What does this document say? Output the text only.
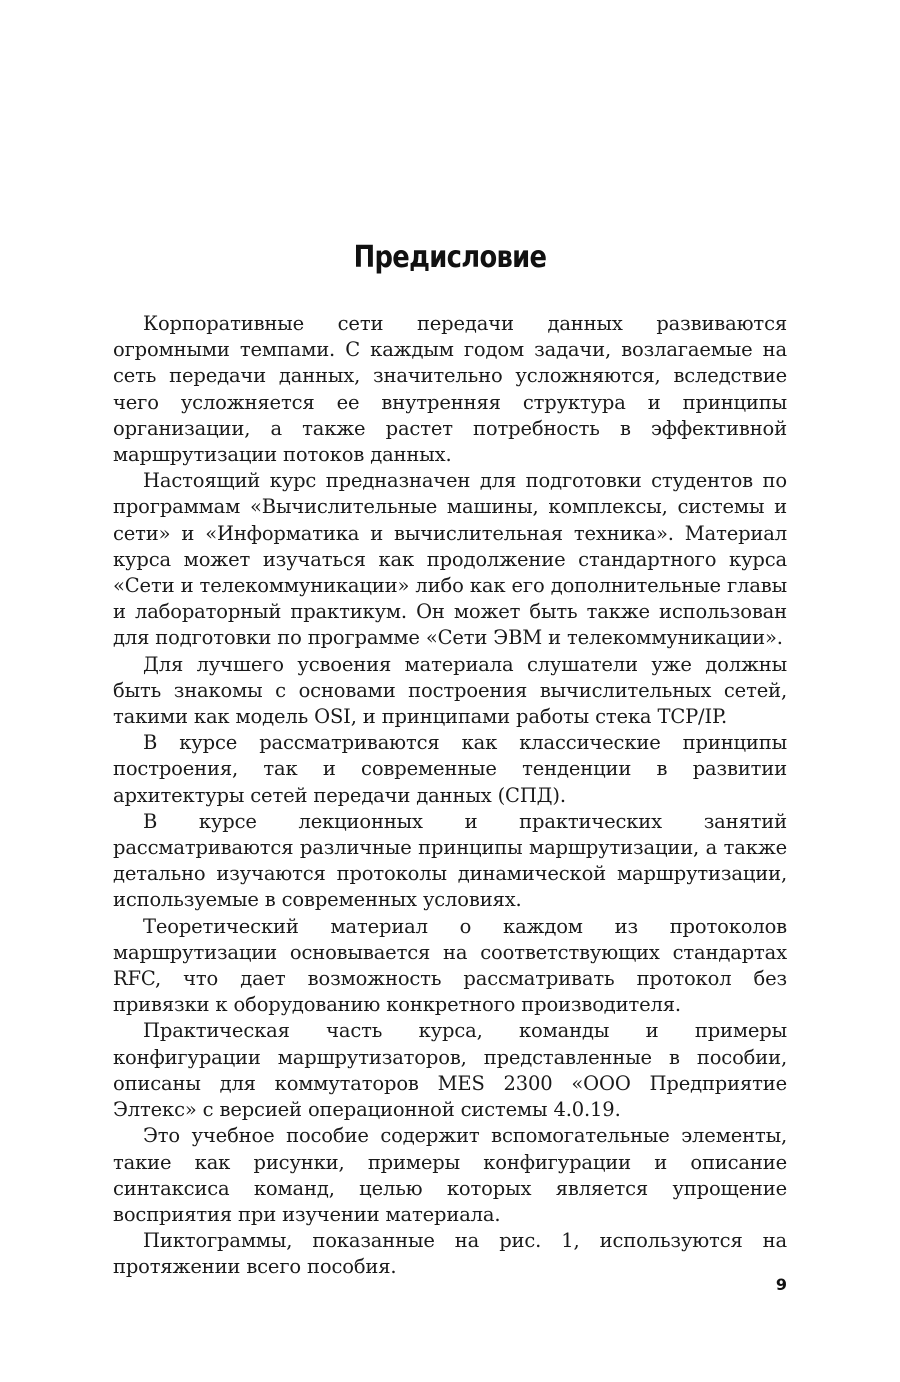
Предисловие

Корпоративные сети передачи данных развиваются огромными темпами. С каждым годом задачи, возлагаемые на сеть передачи данных, значительно усложняются, вследствие чего усложняется ее внутренняя структура и принципы организации, а также растет потребность в эффективной маршрутизации потоков данных.

Настоящий курс предназначен для подготовки студентов по программам «Вычислительные машины, комплексы, системы и сети» и «Информатика и вычислительная техника». Материал курса может изучаться как продолжение стандартного курса «Сети и телекоммуникации» либо как его дополнительные главы и лабораторный практикум. Он может быть также использован для подготовки по программе «Сети ЭВМ и телекоммуникации».

Для лучшего усвоения материала слушатели уже должны быть знакомы с основами построения вычислительных сетей, такими как модель OSI, и принципами работы стека TCP/IP.

В курсе рассматриваются как классические принципы построения, так и современные тенденции в развитии архитектуры сетей передачи данных (СПД).

В курсе лекционных и практических занятий рассматриваются различные принципы маршрутизации, а также детально изучаются протоколы динамической маршрутизации, используемые в современных условиях.

Теоретический материал о каждом из протоколов маршрутизации основывается на соответствующих стандартах RFC, что дает возможность рассматривать протокол без привязки к оборудованию конкретного производителя.

Практическая часть курса, команды и примеры конфигурации маршрутизаторов, представленные в пособии, описаны для коммутаторов MES 2300 «ООО Предприятие Элтекс» с версией операционной системы 4.0.19.

Это учебное пособие содержит вспомогательные элементы, такие как рисунки, примеры конфигурации и описание синтаксиса команд, целью которых является упрощение восприятия при изучении материала.

Пиктограммы, показанные на рис. 1, используются на протяжении всего пособия.

9
